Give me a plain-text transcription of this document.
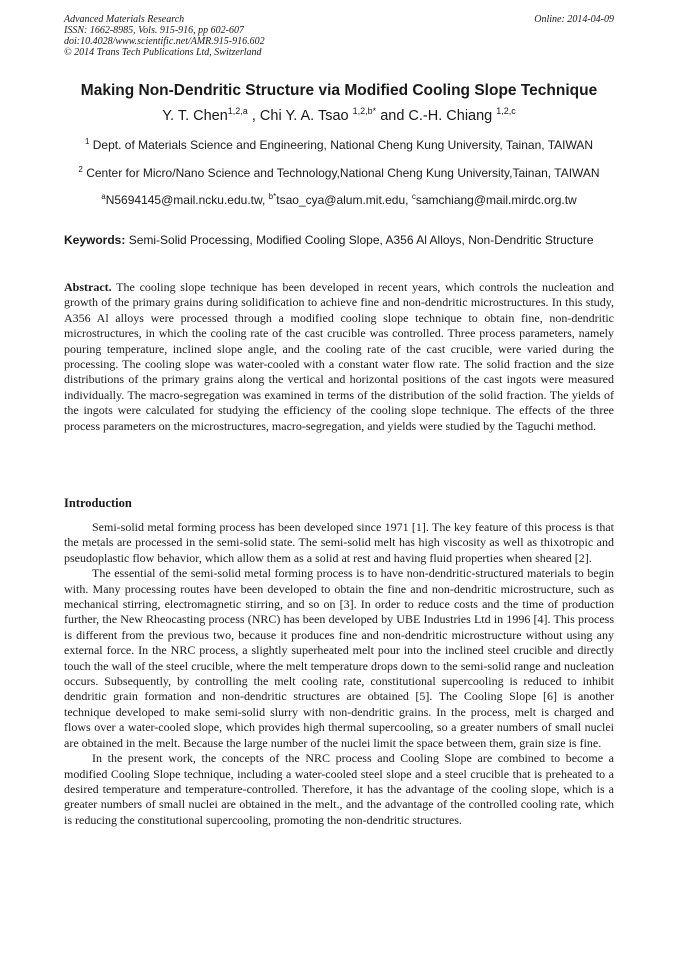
Advanced Materials Research
ISSN: 1662-8985, Vols. 915-916, pp 602-607
doi:10.4028/www.scientific.net/AMR.915-916.602
© 2014 Trans Tech Publications Ltd, Switzerland
Online: 2014-04-09
Making Non-Dendritic Structure via Modified Cooling Slope Technique
Y. T. Chen$^{1,2,a}$ , Chi Y. A. Tsao $^{1,2,b*}$ and C.-H. Chiang $^{1,2,c}$
$^1$ Dept. of Materials Science and Engineering, National Cheng Kung University, Tainan, TAIWAN
$^2$ Center for Micro/Nano Science and Technology,National Cheng Kung University,Tainan, TAIWAN
$^a$N5694145@mail.ncku.edu.tw, $^{b*}$tsao_cya@alum.mit.edu, $^c$samchiang@mail.mirdc.org.tw
Keywords: Semi-Solid Processing, Modified Cooling Slope, A356 Al Alloys, Non-Dendritic Structure
Abstract. The cooling slope technique has been developed in recent years, which controls the nucleation and growth of the primary grains during solidification to achieve fine and non-dendritic microstructures. In this study, A356 Al alloys were processed through a modified cooling slope technique to obtain fine, non-dendritic microstructures, in which the cooling rate of the cast crucible was controlled. Three process parameters, namely pouring temperature, inclined slope angle, and the cooling rate of the cast crucible, were varied during the processing. The cooling slope was water-cooled with a constant water flow rate. The solid fraction and the size distributions of the primary grains along the vertical and horizontal positions of the cast ingots were measured individually. The macro-segregation was examined in terms of the distribution of the solid fraction. The yields of the ingots were calculated for studying the efficiency of the cooling slope technique. The effects of the three process parameters on the microstructures, macro-segregation, and yields were studied by the Taguchi method.
Introduction

Semi-solid metal forming process has been developed since 1971 [1]. The key feature of this process is that the metals are processed in the semi-solid state. The semi-solid melt has high viscosity as well as thixotropic and pseudoplastic flow behavior, which allow them as a solid at rest and having fluid properties when sheared [2].

The essential of the semi-solid metal forming process is to have non-dendritic-structured materials to begin with. Many processing routes have been developed to obtain the fine and non-dendritic microstructure, such as mechanical stirring, electromagnetic stirring, and so on [3]. In order to reduce costs and the time of production further, the New Rheocasting process (NRC) has been developed by UBE Industries Ltd in 1996 [4]. This process is different from the previous two, because it produces fine and non-dendritic microstructure without using any external force. In the NRC process, a slightly superheated melt pour into the inclined steel crucible and directly touch the wall of the steel crucible, where the melt temperature drops down to the semi-solid range and nucleation occurs. Subsequently, by controlling the melt cooling rate, constitutional supercooling is reduced to inhibit dendritic grain formation and non-dendritic structures are obtained [5]. The Cooling Slope [6] is another technique developed to make semi-solid slurry with non-dendritic grains. In the process, melt is charged and flows over a water-cooled slope, which provides high thermal supercooling, so a greater numbers of small nuclei are obtained in the melt. Because the large number of the nuclei limit the space between them, grain size is fine.

In the present work, the concepts of the NRC process and Cooling Slope are combined to become a modified Cooling Slope technique, including a water-cooled steel slope and a steel crucible that is preheated to a desired temperature and temperature-controlled. Therefore, it has the advantage of the cooling slope, which is a greater numbers of small nuclei are obtained in the melt., and the advantage of the controlled cooling rate, which is reducing the constitutional supercooling, promoting the non-dendritic structures.
